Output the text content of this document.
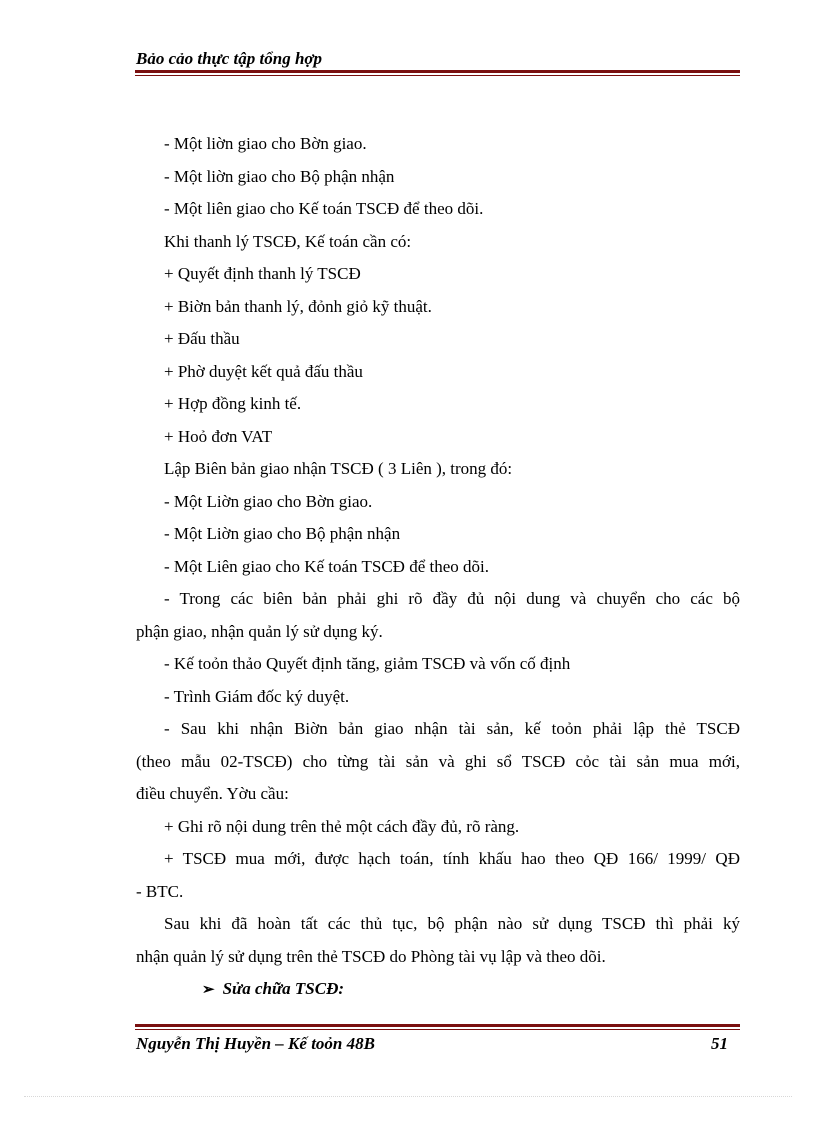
Bảo cảo thực tập tổng hợp
- Một liờn giao cho Bờn giao.
- Một liờn giao cho Bộ phận nhận
- Một liên giao cho Kế toán TSCĐ để theo dõi.
Khi thanh lý TSCĐ, Kế toán cần có:
+ Quyết định thanh lý TSCĐ
+ Biờn bản thanh lý, đỏnh giỏ kỹ thuật.
+ Đấu thầu
+ Phờ duyệt kết quả đấu thầu
+ Hợp đồng kinh tế.
+ Hoỏ đơn VAT
Lập Biên bản giao nhận TSCĐ ( 3 Liên ), trong đó:
- Một Liờn giao cho Bờn giao.
- Một Liờn giao cho Bộ phận nhận
- Một Liên giao cho Kế toán TSCĐ để theo dõi.
- Trong các biên bản phải ghi rõ đầy đủ nội dung và chuyển cho các bộ
phận giao, nhận quản lý sử dụng ký.
- Kế toỏn thảo Quyết định tăng, giảm TSCĐ và vốn cố định
- Trình Giám đốc ký duyệt.
- Sau khi nhận Biờn bản giao nhận tài sản, kế toỏn phải lập thẻ TSCĐ
(theo mẫu 02-TSCĐ) cho từng tài sản và ghi sổ TSCĐ cỏc tài sản mua mới,
điều chuyển. Yờu cầu:
+ Ghi rõ nội dung trên thẻ một cách đầy đủ, rõ ràng.
+ TSCĐ mua mới, được hạch toán, tính khấu hao theo QĐ 166/ 1999/ QĐ
- BTC.
Sau khi đã hoàn tất các thủ tục, bộ phận nào sử dụng TSCĐ thì phải ký
nhận quản lý sử dụng trên thẻ TSCĐ do Phòng tài vụ lập và theo dõi.
➢ Sửa chữa TSCĐ:
Nguyễn Thị Huyền – Kế toỏn 48B	51
